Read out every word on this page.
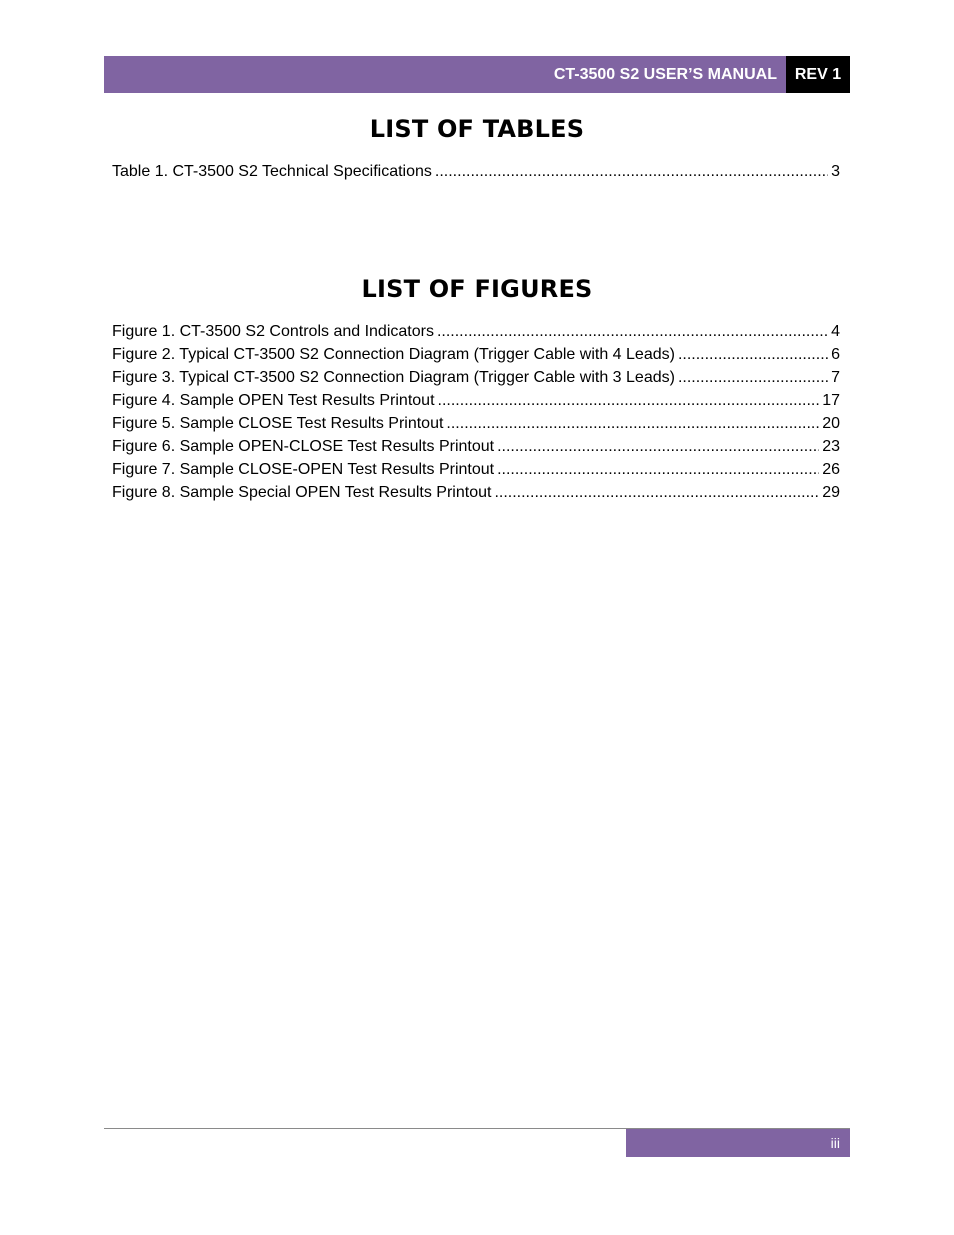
CT-3500 S2 USER’S MANUAL	REV 1
LIST OF TABLES
Table 1. CT-3500 S2 Technical Specifications .....	3
LIST OF FIGURES
Figure 1. CT-3500 S2 Controls and Indicators .....	4
Figure 2. Typical CT-3500 S2 Connection Diagram (Trigger Cable with 4 Leads) .....	6
Figure 3. Typical CT-3500 S2 Connection Diagram (Trigger Cable with 3 Leads) .....	7
Figure 4. Sample OPEN Test Results Printout .....	17
Figure 5. Sample CLOSE Test Results Printout .....	20
Figure 6. Sample OPEN-CLOSE Test Results Printout .....	23
Figure 7. Sample CLOSE-OPEN Test Results Printout .....	26
Figure 8. Sample Special OPEN Test Results Printout .....	29
iii
